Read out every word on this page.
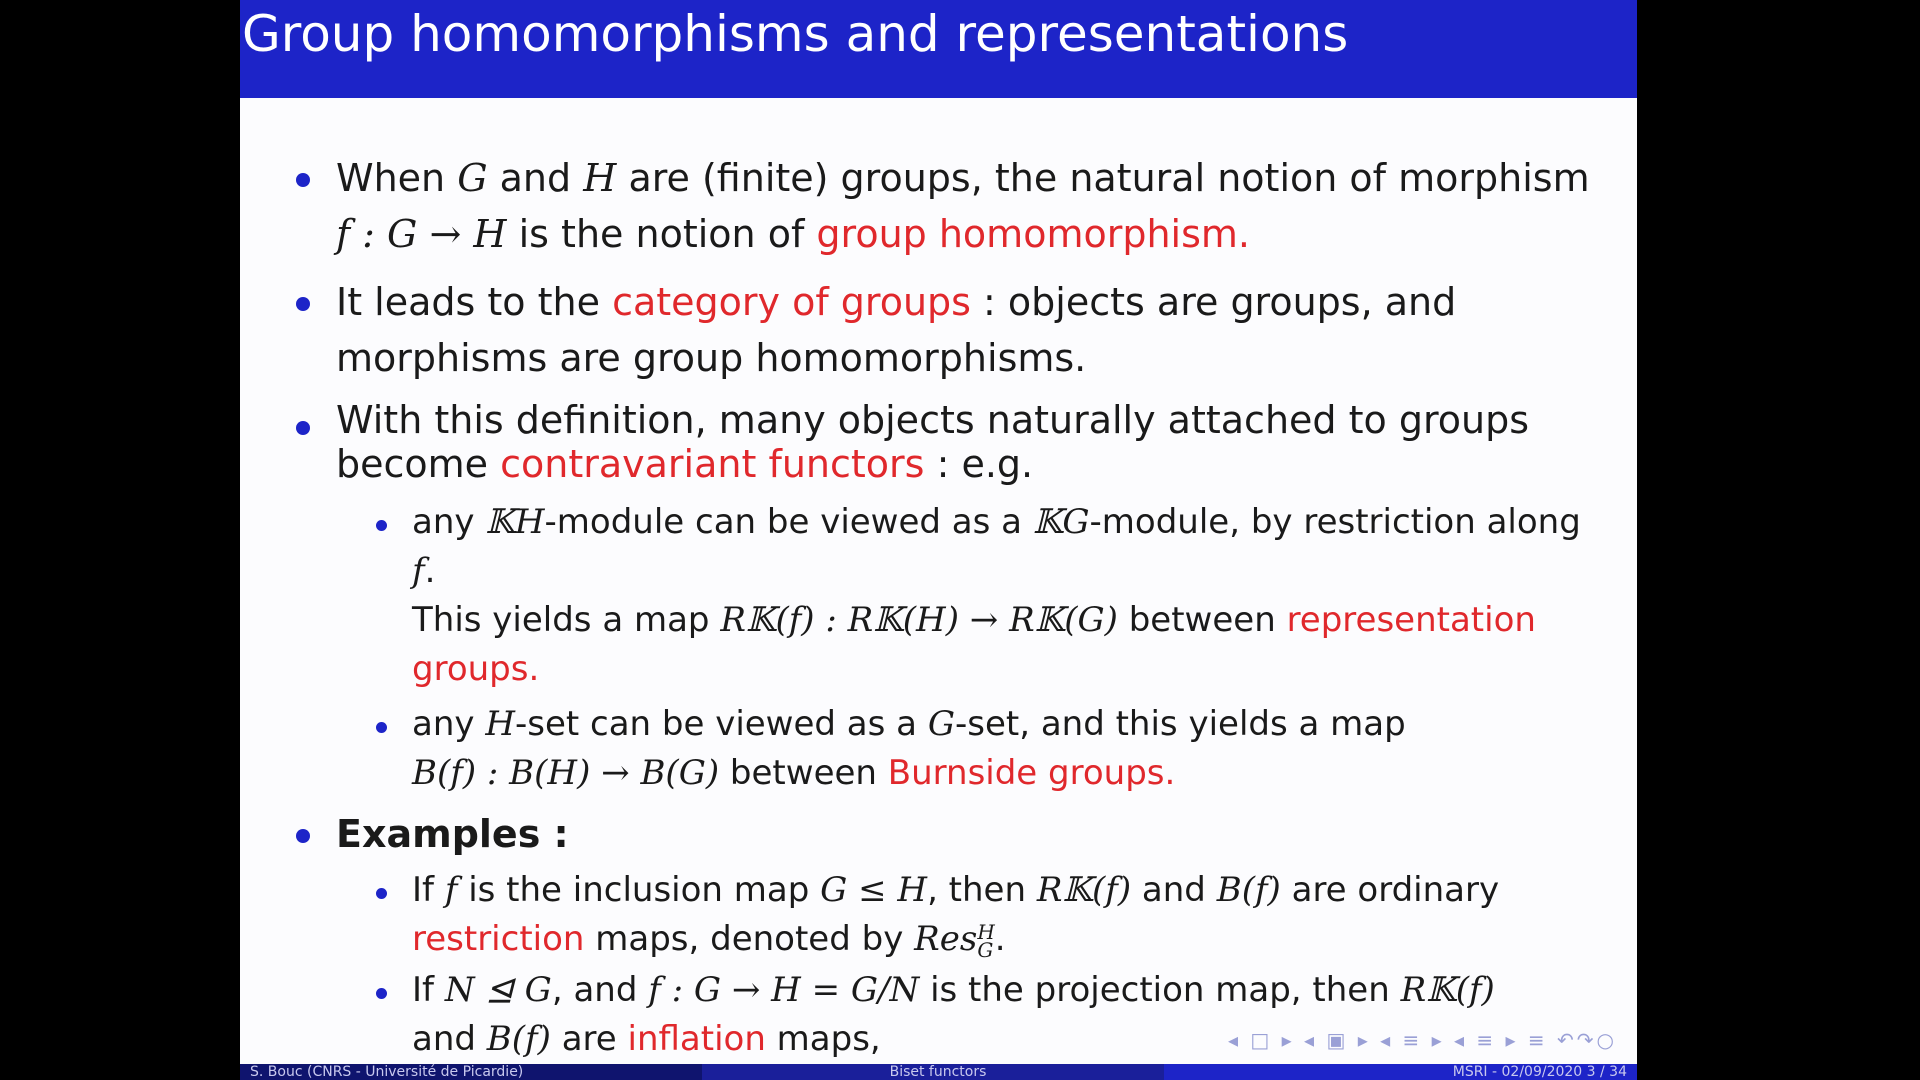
Group homomorphisms and representations
When G and H are (finite) groups, the natural notion of morphism
f : G → H is the notion of group homomorphism.
It leads to the category of groups : objects are groups, and
morphisms are group homomorphisms.
With this definition, many objects naturally attached to groups
become contravariant functors : e.g.
any 𝕂H-module can be viewed as a 𝕂G-module, by restriction along f.
This yields a map R𝕂(f) : R𝕂(H) → R𝕂(G) between representation groups.
any H-set can be viewed as a G-set, and this yields a map
B(f) : B(H) → B(G) between Burnside groups.
Examples :
If f is the inclusion map G ≤ H, then R𝕂(f) and B(f) are ordinary
restriction maps, denoted by Res H
G .
If N ⊴ G, and f : G → H = G/N is the projection map, then R𝕂(f)
and B(f) are inflation maps,	◂ □ ▸ ◂ ▣ ▸ ◂ ≡ ▸ ◂ ≡ ▸ ≡ ↶↷○
S. Bouc (CNRS - Université de Picardie)	Biset functors	MSRI - 02/09/2020 3 / 34
